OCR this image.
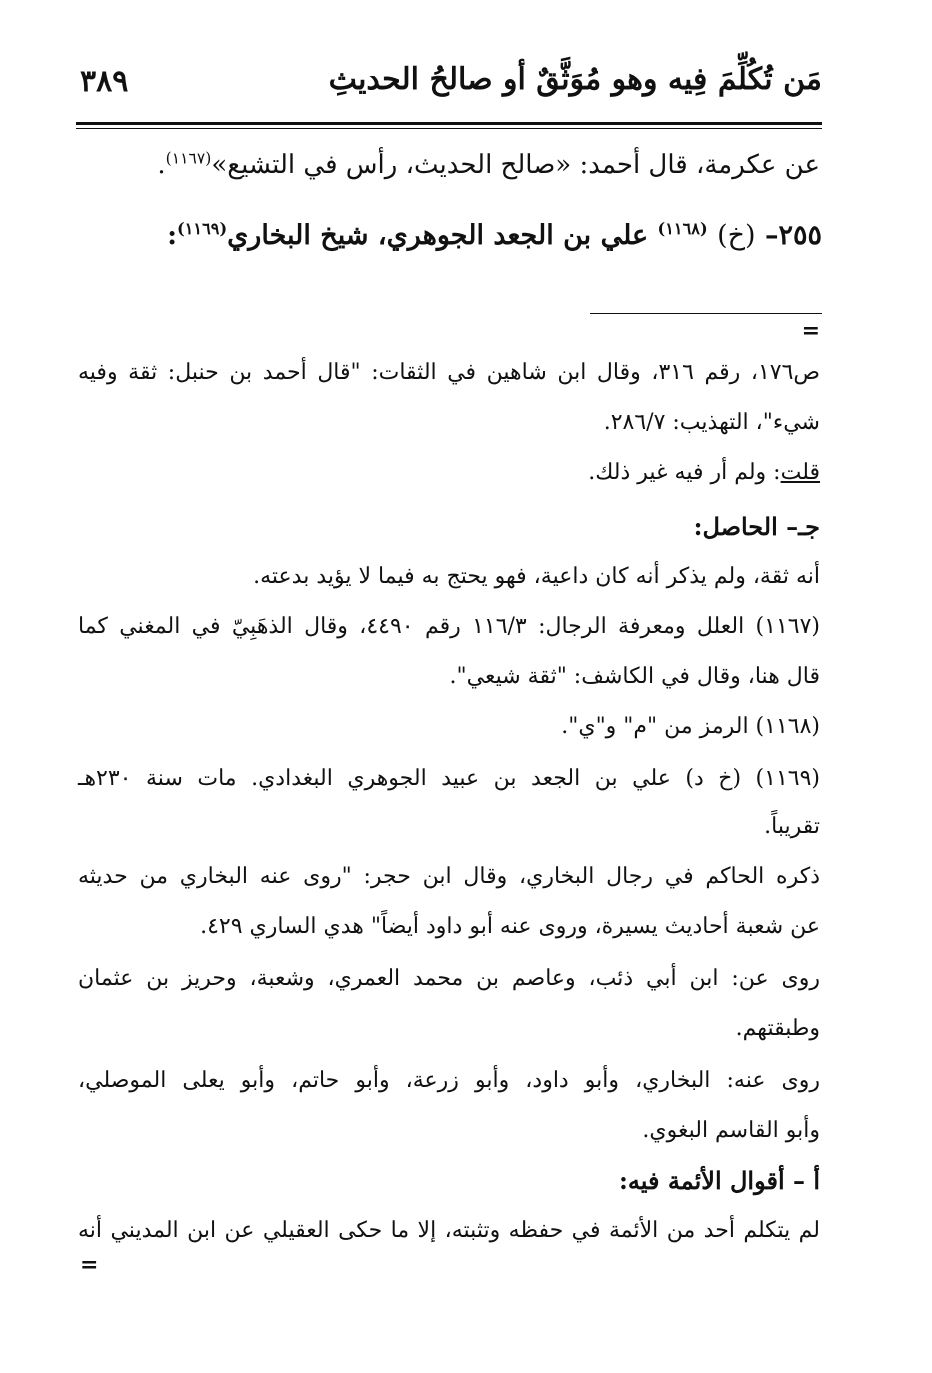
مَن تُكُلِّمَ فِيه وهو مُوَثَّقٌ أو صالحُ الحديثِ
٣٨٩
عن عكرمة، قال أحمد: «صالح الحديث، رأس في التشيع»$^{(١١٦٧)}$.
٢٥٥– (خ) $^{(١١٦٨)}$ علي بن الجعد الجوهري، شيخ البخاري$^{(١١٦٩)}$:
=
ص١٧٦، رقم ٣١٦، وقال ابن شاهين في الثقات: "قال أحمد بن حنبل: ثقة وفيه
شيء"، التهذيب: ٢٨٦/٧.
قلت: ولم أر فيه غير ذلك.
جـ– الحاصل:
أنه ثقة، ولم يذكر أنه كان داعية، فهو يحتج به فيما لا يؤيد بدعته.
(١١٦٧) العلل ومعرفة الرجال: ١١٦/٣ رقم ٤٤٩٠، وقال الذهَبِيّ في المغني كما
قال هنا، وقال في الكاشف: "ثقة شيعي".
(١١٦٨) الرمز من "م" و"ي".
(١١٦٩) (خ د) علي بن الجعد بن عبيد الجوهري البغدادي. مات سنة ٢٣٠هـ
تقريباً.
ذكره الحاكم في رجال البخاري، وقال ابن حجر: "روى عنه البخاري من حديثه
عن شعبة أحاديث يسيرة، وروى عنه أبو داود أيضاً" هدي الساري ٤٢٩.
روى عن: ابن أبي ذئب، وعاصم بن محمد العمري، وشعبة، وحريز بن عثمان
وطبقتهم.
روى عنه: البخاري، وأبو داود، وأبو زرعة، وأبو حاتم، وأبو يعلى الموصلي،
وأبو القاسم البغوي.
أ – أقوال الأئمة فيه:
لم يتكلم أحد من الأئمة في حفظه وتثبته، إلا ما حكى العقيلي عن ابن المديني أنه
=
